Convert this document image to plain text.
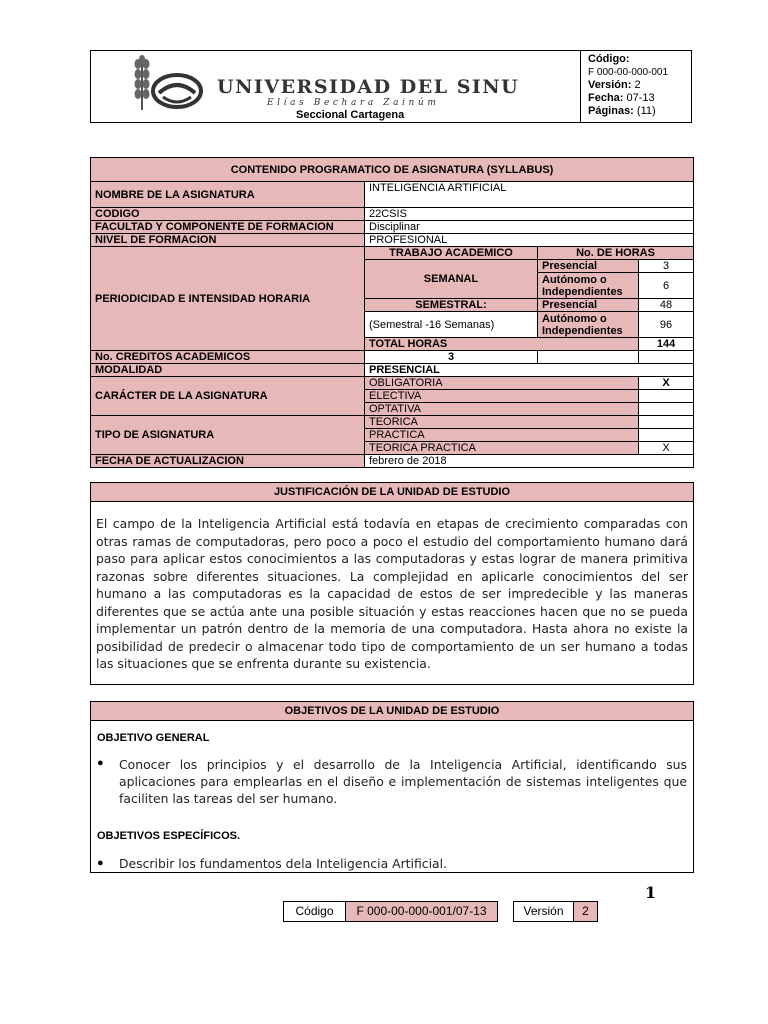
UNIVERSIDAD DEL SINU
Elías Bechara Zainúm
Seccional Cartagena
Código:
F 000-00-000-001
Versión: 2
Fecha: 07-13
Páginas: (11)
CONTENIDO PROGRAMATICO DE ASIGNATURA (SYLLABUS)			
NOMBRE DE LA ASIGNATURA	INTELIGENCIA ARTIFICIAL		
CODIGO	22CSIS		
FACULTAD Y COMPONENTE DE FORMACION	Disciplinar		
NIVEL DE FORMACION	PROFESIONAL		
PERIODICIDAD E INTENSIDAD HORARIA	TRABAJO ACADEMICO	No. DE HORAS	
	SEMANAL	Presencial	3
		Autónomo o Independientes	6
	SEMESTRAL:	Presencial	48
	(Semestral -16 Semanas)	Autónomo o Independientes	96
	TOTAL HORAS		144
No. CREDITOS ACADEMICOS	3		
MODALIDAD	PRESENCIAL		
CARÁCTER DE LA ASIGNATURA	OBLIGATORIA		X
	ELECTIVA		
	OPTATIVA		
TIPO DE ASIGNATURA	TEORICA		
	PRACTICA		
	TEORICA PRACTICA		X
FECHA DE ACTUALIZACION	febrero de 2018		
JUSTIFICACIÓN DE LA UNIDAD DE ESTUDIO
El campo de la Inteligencia Artificial está todavía en etapas de crecimiento comparadas con otras ramas de computadoras, pero poco a poco el estudio del comportamiento humano dará paso para aplicar estos conocimientos a las computadoras y estas lograr de manera primitiva razonas sobre diferentes situaciones. La complejidad en aplicarle conocimientos del ser humano a las computadoras es la capacidad de estos de ser impredecible y las maneras diferentes que se actúa ante una posible situación y estas reacciones hacen que no se pueda implementar un patrón dentro de la memoria de una computadora. Hasta ahora no existe la posibilidad de predecir o almacenar todo tipo de comportamiento de un ser humano a todas las situaciones que se enfrenta durante su existencia.
OBJETIVOS DE LA UNIDAD DE ESTUDIO
OBJETIVO GENERAL
● Conocer los principios y el desarrollo de la Inteligencia Artificial, identificando sus aplicaciones para emplearlas en el diseño e implementación de sistemas inteligentes que faciliten las tareas del ser humano.
OBJETIVOS ESPECÍFICOS.
● Describir los fundamentos dela Inteligencia Artificial.
1
Código	F 000-00-000-001/07-13	Versión	2
